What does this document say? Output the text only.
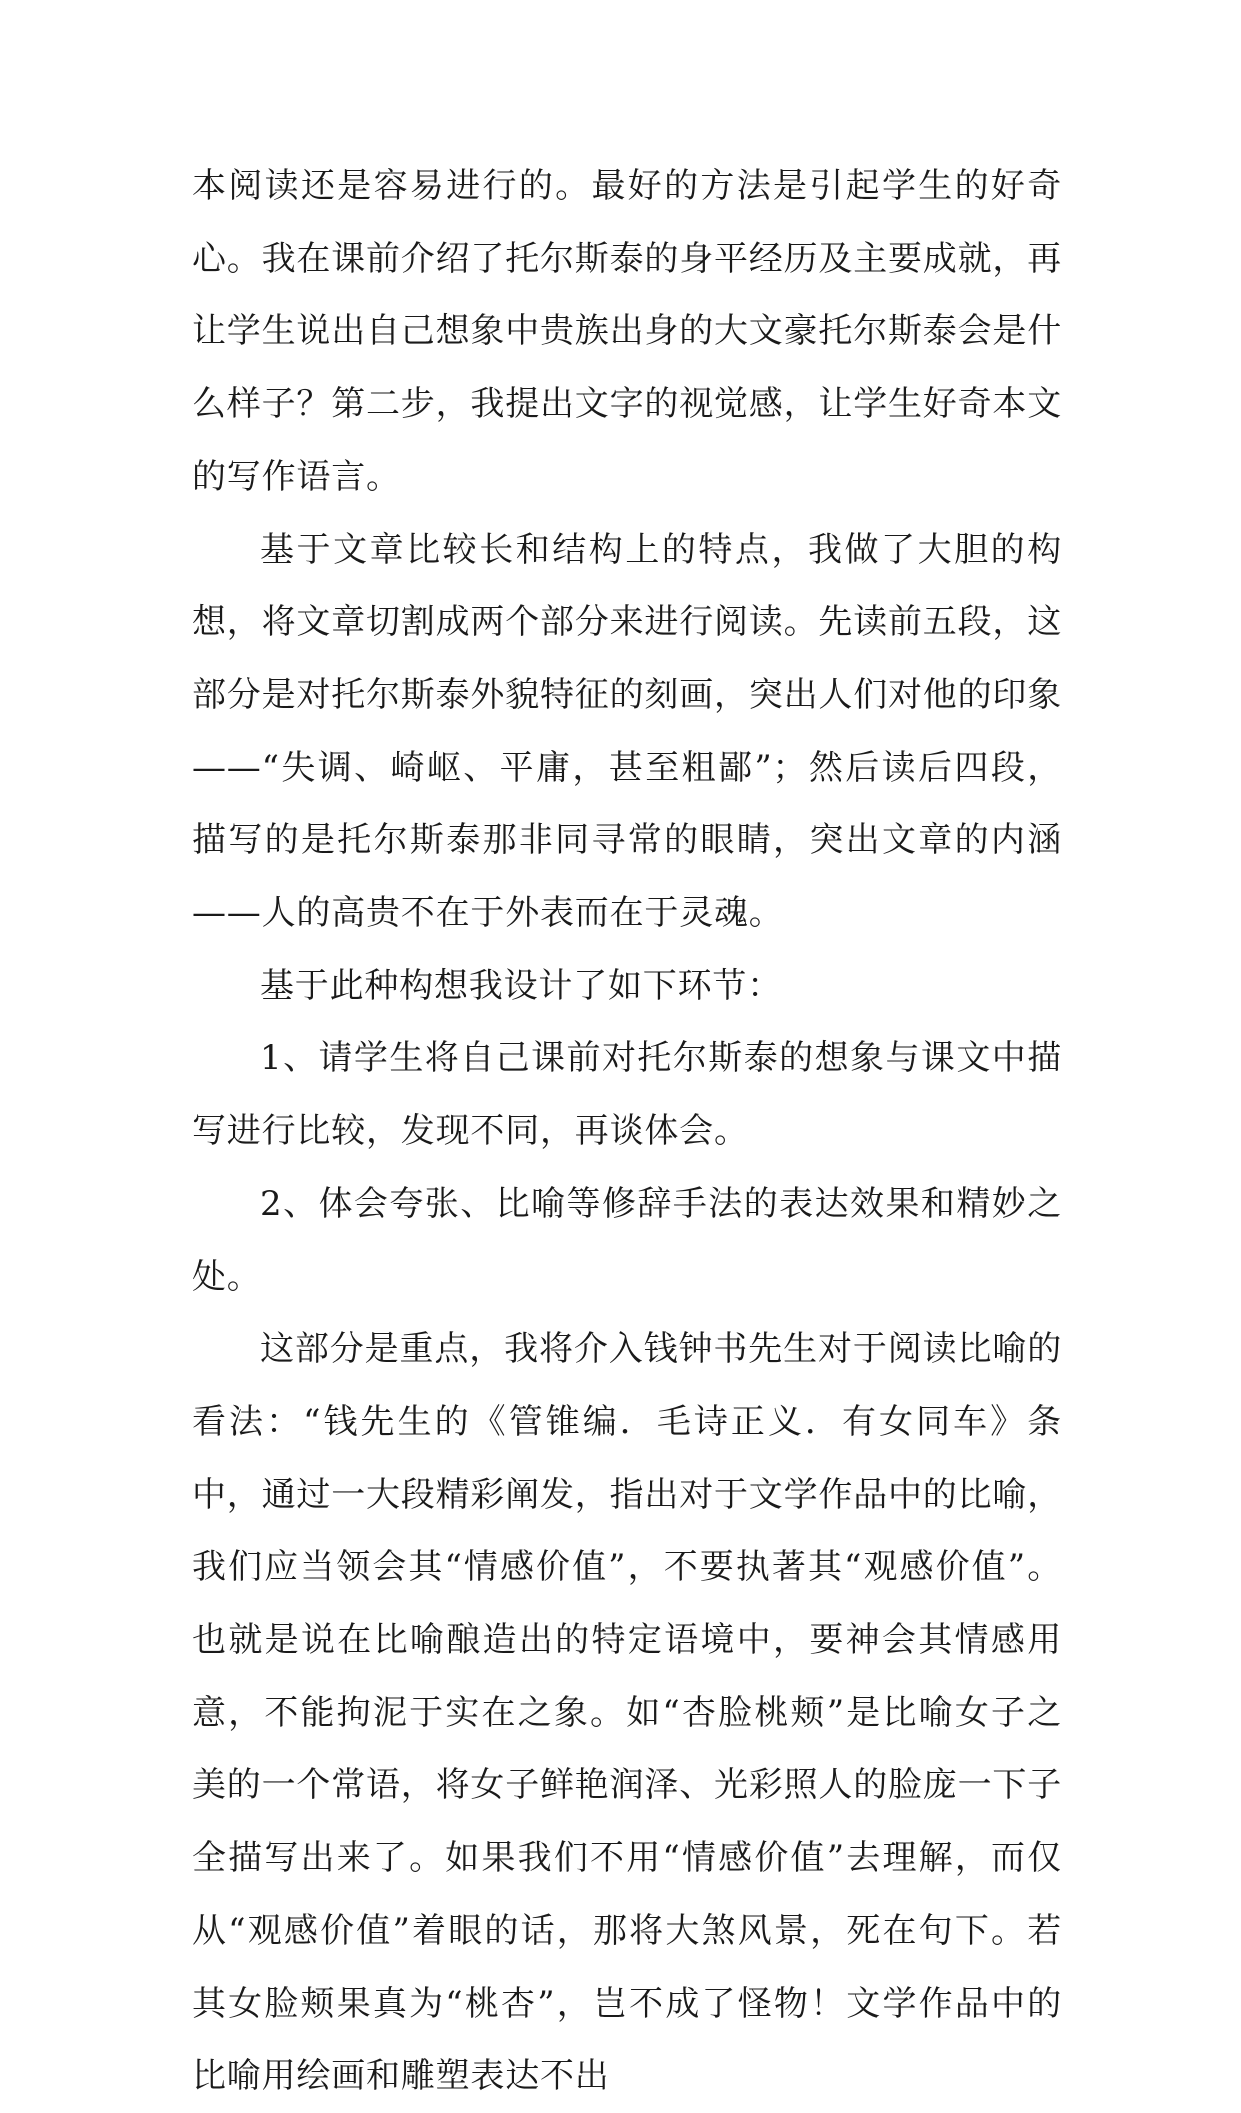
本阅读还是容易进行的。最好的方法是引起学生的好奇心。我在课前介绍了托尔斯泰的身平经历及主要成就，再让学生说出自己想象中贵族出身的大文豪托尔斯泰会是什么样子？第二步，我提出文字的视觉感，让学生好奇本文的写作语言。

基于文章比较长和结构上的特点，我做了大胆的构想，将文章切割成两个部分来进行阅读。先读前五段，这部分是对托尔斯泰外貌特征的刻画，突出人们对他的印象——“失调、崎岖、平庸，甚至粗鄙”；然后读后四段，描写的是托尔斯泰那非同寻常的眼睛，突出文章的内涵——人的高贵不在于外表而在于灵魂。

基于此种构想我设计了如下环节：

1、请学生将自己课前对托尔斯泰的想象与课文中描写进行比较，发现不同，再谈体会。

2、体会夸张、比喻等修辞手法的表达效果和精妙之处。

这部分是重点，我将介入钱钟书先生对于阅读比喻的看法：“钱先生的《管锥编．毛诗正义．有女同车》条中，通过一大段精彩阐发，指出对于文学作品中的比喻，我们应当领会其“情感价值”，不要执著其“观感价值”。也就是说在比喻酿造出的特定语境中，要神会其情感用意，不能拘泥于实在之象。如“杏脸桃颊”是比喻女子之美的一个常语，将女子鲜艳润泽、光彩照人的脸庞一下子全描写出来了。如果我们不用“情感价值”去理解，而仅从“观感价值”着眼的话，那将大煞风景，死在句下。若其女脸颊果真为“桃杏”，岂不成了怪物！文学作品中的比喻用绘画和雕塑表达不出
